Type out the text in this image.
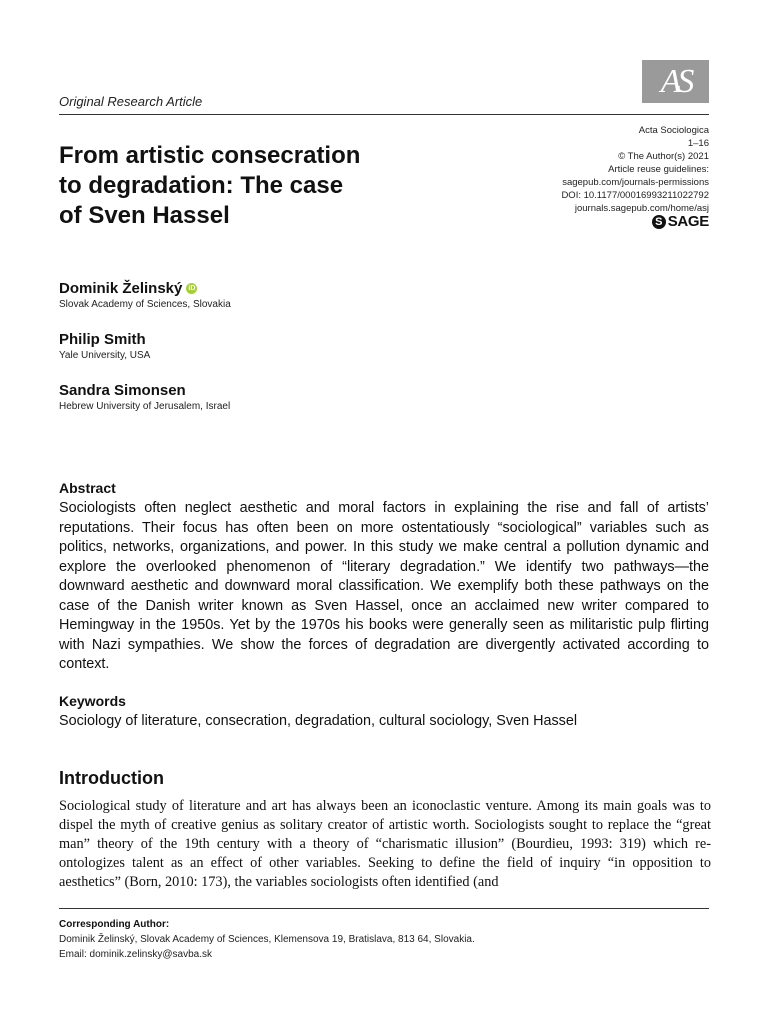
AS
Original Research Article
From artistic consecration
to degradation: The case
of Sven Hassel
Acta Sociologica
1–16
© The Author(s) 2021
Article reuse guidelines:
sagepub.com/journals-permissions
DOI: 10.1177/00016993211022792
journals.sagepub.com/home/asj
S SAGE
Dominik Želinský iD
Slovak Academy of Sciences, Slovakia
Philip Smith
Yale University, USA
Sandra Simonsen
Hebrew University of Jerusalem, Israel
Abstract

Sociologists often neglect aesthetic and moral factors in explaining the rise and fall of artists’ reputations. Their focus has often been on more ostentatiously “sociological” variables such as politics, networks, organizations, and power. In this study we make central a pollution dynamic and explore the overlooked phenomenon of “literary degradation.” We identify two pathways—the downward aesthetic and downward moral classification. We exemplify both these pathways on the case of the Danish writer known as Sven Hassel, once an acclaimed new writer compared to Hemingway in the 1950s. Yet by the 1970s his books were generally seen as militaristic pulp flirting with Nazi sympathies. We show the forces of degradation are divergently activated according to context.

Keywords
Sociology of literature, consecration, degradation, cultural sociology, Sven Hassel
Introduction

Sociological study of literature and art has always been an iconoclastic venture. Among its main goals was to dispel the myth of creative genius as solitary creator of artistic worth. Sociologists sought to replace the “great man” theory of the 19th century with a theory of “charismatic illusion” (Bourdieu, 1993: 319) which re-ontologizes talent as an effect of other variables. Seeking to define the field of inquiry “in opposition to aesthetics” (Born, 2010: 173), the variables sociologists often identified (and

Corresponding Author:
Dominik Želinský, Slovak Academy of Sciences, Klemensova 19, Bratislava, 813 64, Slovakia.
Email: dominik.zelinsky@savba.sk
